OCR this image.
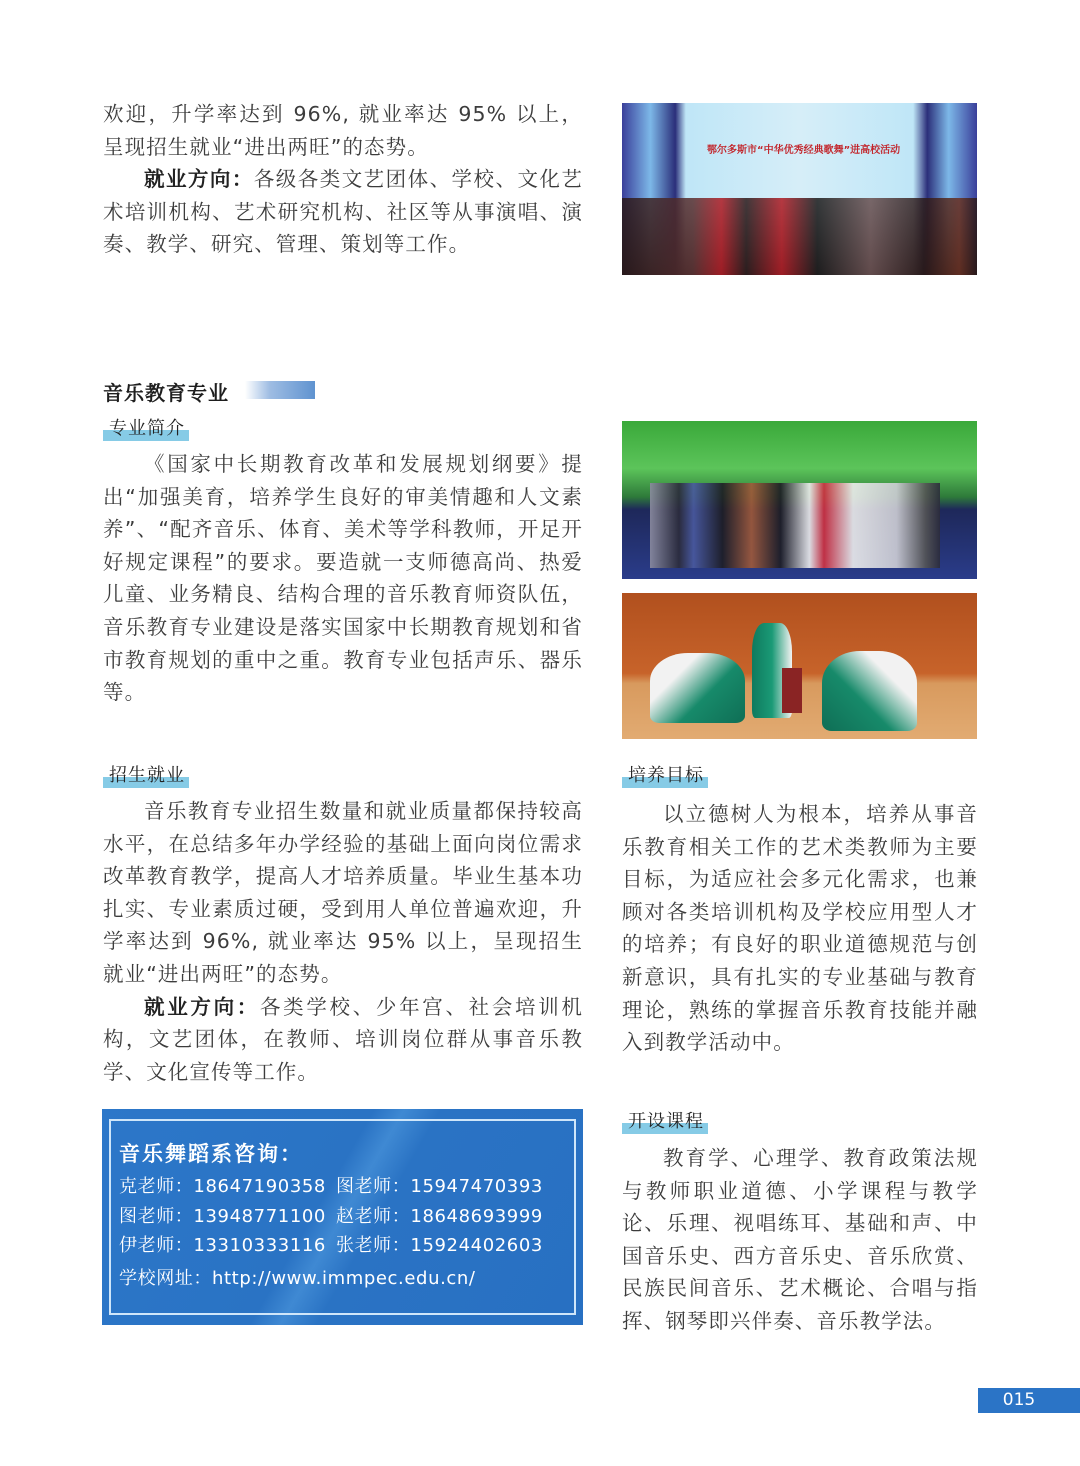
欢迎，升学率达到 96%, 就业率达 95% 以上，呈现招生就业“进出两旺”的态势。

就业方向：各级各类文艺团体、学校、文化艺术培训机构、艺术研究机构、社区等从事演唱、演奏、教学、研究、管理、策划等工作。

鄂尔多斯市“中华优秀经典歌舞”进高校活动
音乐教育专业
专业简介

《国家中长期教育改革和发展规划纲要》提出“加强美育，培养学生良好的审美情趣和人文素养”、“配齐音乐、体育、美术等学科教师，开足开好规定课程”的要求。要造就一支师德高尚、热爱儿童、业务精良、结构合理的音乐教育师资队伍，音乐教育专业建设是落实国家中长期教育规划和省市教育规划的重中之重。教育专业包括声乐、器乐等。

招生就业

音乐教育专业招生数量和就业质量都保持较高水平，在总结多年办学经验的基础上面向岗位需求改革教育教学，提高人才培养质量。毕业生基本功扎实、专业素质过硬，受到用人单位普遍欢迎，升学率达到 96%, 就业率达 95% 以上，呈现招生就业“进出两旺”的态势。

就业方向：各类学校、少年宫、社会培训机构，文艺团体，在教师、培训岗位群从事音乐教学、文化宣传等工作。

培养目标

以立德树人为根本，培养从事音乐教育相关工作的艺术类教师为主要目标，为适应社会多元化需求，也兼顾对各类培训机构及学校应用型人才的培养；有良好的职业道德规范与创新意识，具有扎实的专业基础与教育理论，熟练的掌握音乐教育技能并融入到教学活动中。

开设课程

教育学、心理学、教育政策法规与教师职业道德、小学课程与教学论、乐理、视唱练耳、基础和声、中国音乐史、西方音乐史、音乐欣赏、民族民间音乐、艺术概论、合唱与指挥、钢琴即兴伴奏、音乐教学法。

音乐舞蹈系咨询：
克老师：18647190358 图老师：15947470393
图老师：13948771100 赵老师：18648693999
伊老师：13310333116 张老师：15924402603
学校网址：http://www.immpec.edu.cn/
015
